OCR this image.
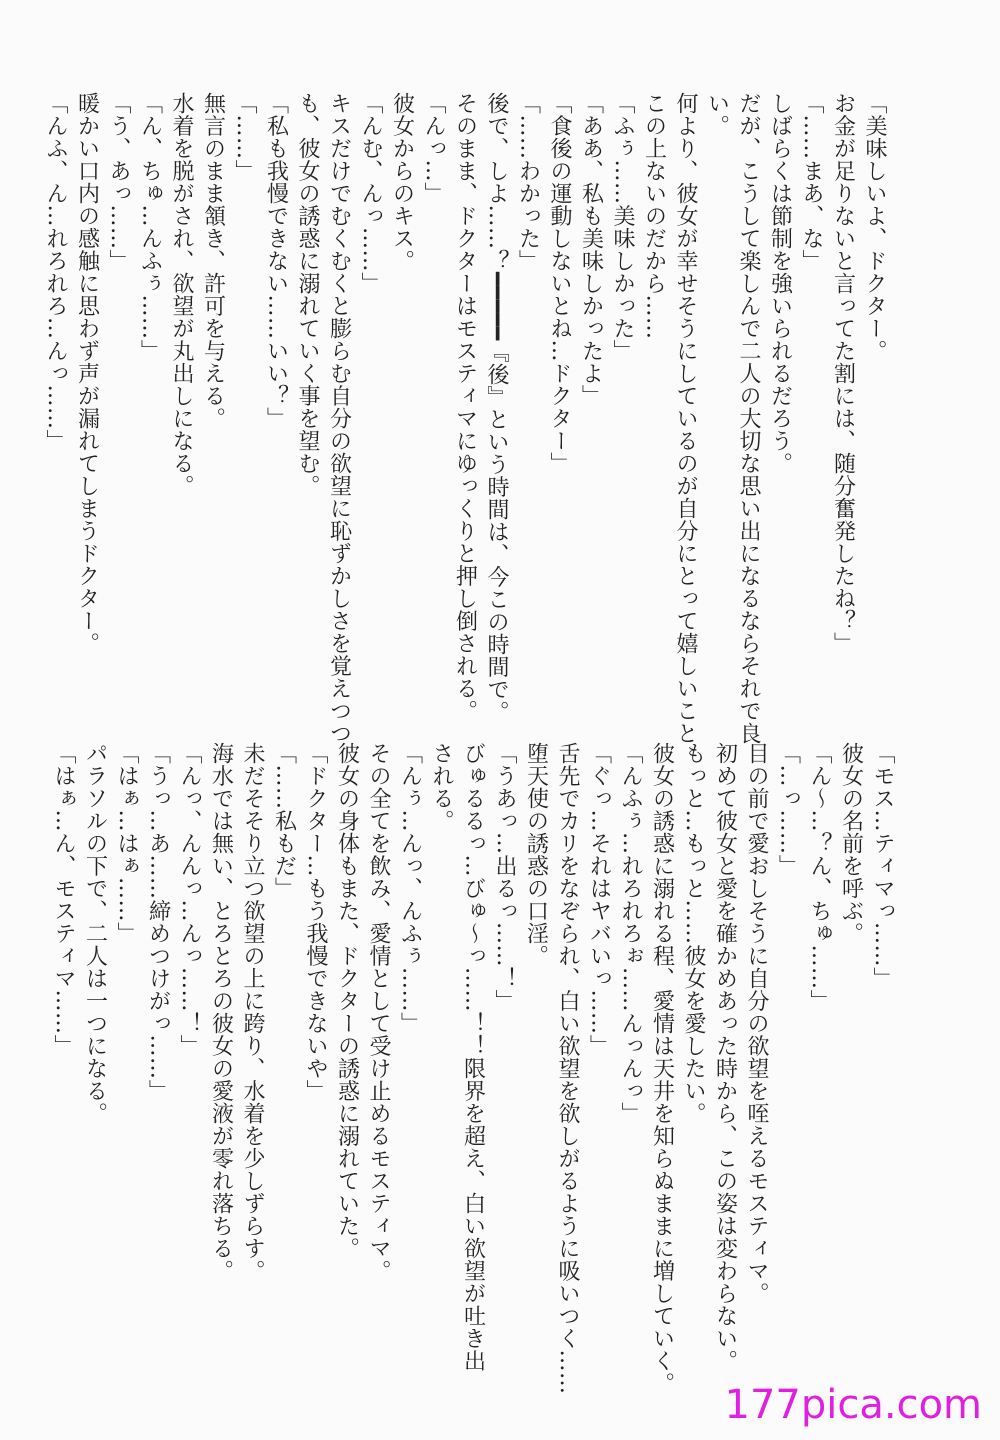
「美味しいよ、ドクター。
お金が足りないと言ってた割には、随分奮発したね？」
「……まあ、な」
しばらくは節制を強いられるだろう。
だが、こうして楽しんで二人の大切な思い出になるならそれで良
い。
何より、彼女が幸せそうにしているのが自分にとって嬉しいこと
この上ないのだから……
「ふぅ……美味しかった」
「ああ、私も美味しかったよ」
「食後の運動しないとね…ドクター」
「……わかった」
後で、しよ……？━━━━━『後』という時間は、今この時間で。
そのまま、ドクターはモスティマにゆっくりと押し倒される。
「んっ…」
彼女からのキス。
「んむ、んっ……」
キスだけでむくむくと膨らむ自分の欲望に恥ずかしさを覚えつつ
も、彼女の誘惑に溺れていく事を望む。
「私も我慢できない……いい？」
「……」
無言のまま頷き、許可を与える。
水着を脱がされ、欲望が丸出しになる。
「ん、ちゅ…んふぅ……」
「う、あっ……」
暖かい口内の感触に思わず声が漏れてしまうドクター。
「んふ、ん…れろれろ…んっ……」
「モス…ティマっ……」
彼女の名前を呼ぶ。
「ん〜…？ん、ちゅ……」
「…っ……」
目の前で愛おしそうに自分の欲望を咥えるモスティマ。
初めて彼女と愛を確かめあった時から、この姿は変わらない。
もっと…もっと……彼女を愛したい。
彼女の誘惑に溺れる程、愛情は天井を知らぬままに増していく。
「んふぅ…れろれろぉ……んっんっ」
「ぐっ…それはヤバいっ……」
舌先でカリをなぞられ、白い欲望を欲しがるように吸いつく……
堕天使の誘惑の口淫。
「うあっ…出るっ……！」
びゅるるっ…びゅ〜っ……！！限界を超え、白い欲望が吐き出
される。
「んぅ…んっ、んふぅ……」
その全てを飲み、愛情として受け止めるモスティマ。
彼女の身体もまた、ドクターの誘惑に溺れていた。
「ドクター…もう我慢できないや」
「……私もだ」
未だそそり立つ欲望の上に跨り、水着を少しずらす。
海水では無い、とろとろの彼女の愛液が零れ落ちる。
「んっ、んんっ…んっ……！」
「うっ…あ……締めつけがっ……」
「はぁ…はぁ……」
パラソルの下で、二人は一つになる。
「はぁ…ん、モスティマ……」
177pica.com
